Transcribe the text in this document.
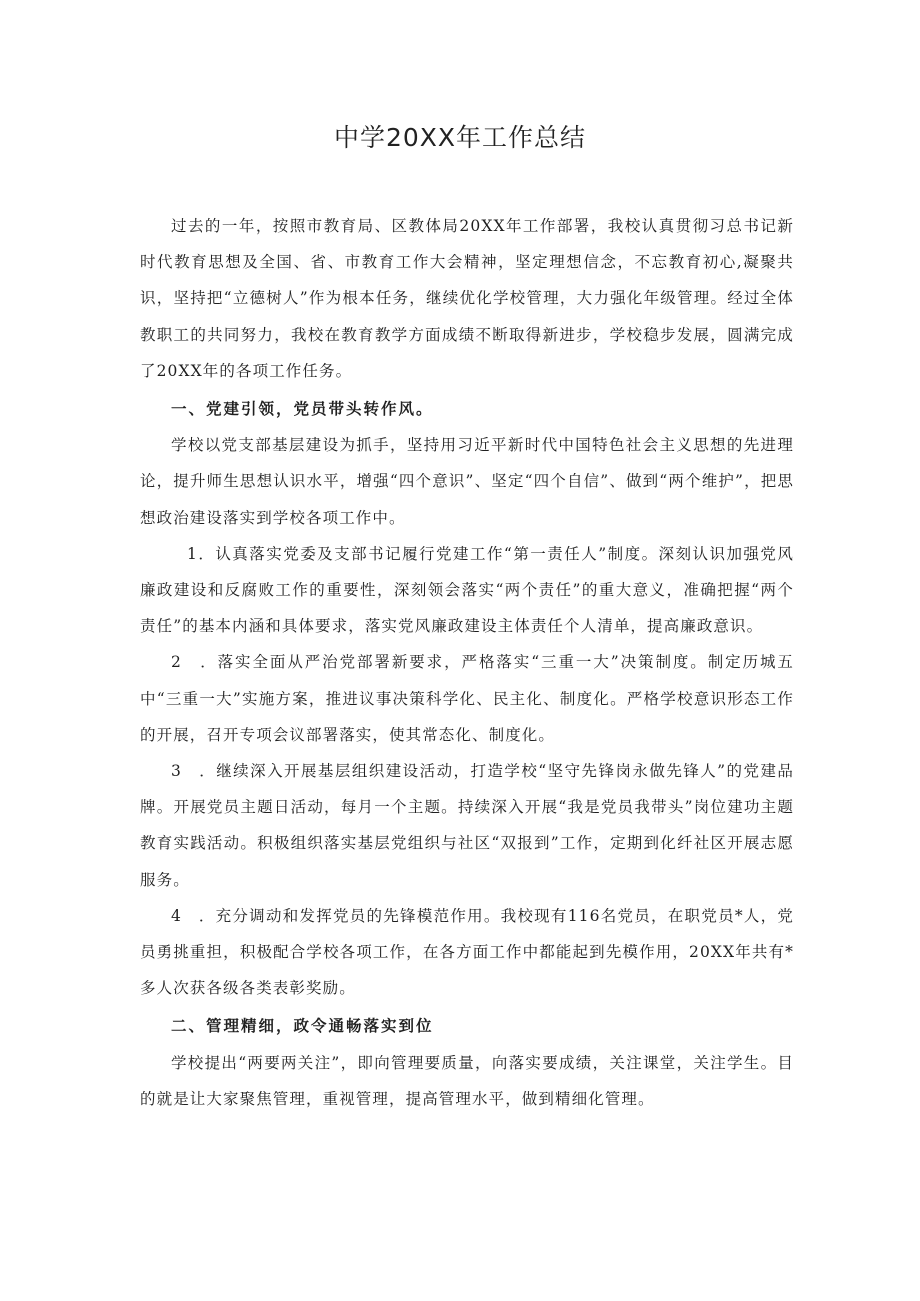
中学20XX年工作总结

过去的一年，按照市教育局、区教体局20XX年工作部署，我校认真贯彻习总书记新时代教育思想及全国、省、市教育工作大会精神，坚定理想信念，不忘教育初心,凝聚共识，坚持把“立德树人”作为根本任务，继续优化学校管理，大力强化年级管理。经过全体教职工的共同努力，我校在教育教学方面成绩不断取得新进步，学校稳步发展，圆满完成了20XX年的各项工作任务。

一、党建引领，党员带头转作风。

学校以党支部基层建设为抓手，坚持用习近平新时代中国特色社会主义思想的先进理论，提升师生思想认识水平，增强“四个意识”、坚定“四个自信”、做到“两个维护”，把思想政治建设落实到学校各项工作中。

1．认真落实党委及支部书记履行党建工作“第一责任人”制度。深刻认识加强党风廉政建设和反腐败工作的重要性，深刻领会落实“两个责任”的重大意义，准确把握“两个责任”的基本内涵和具体要求，落实党风廉政建设主体责任个人清单，提高廉政意识。

2　．落实全面从严治党部署新要求，严格落实“三重一大”决策制度。制定历城五中“三重一大”实施方案，推进议事决策科学化、民主化、制度化。严格学校意识形态工作的开展，召开专项会议部署落实，使其常态化、制度化。

3　．继续深入开展基层组织建设活动，打造学校“坚守先锋岗永做先锋人”的党建品牌。开展党员主题日活动，每月一个主题。持续深入开展“我是党员我带头”岗位建功主题教育实践活动。积极组织落实基层党组织与社区“双报到”工作，定期到化纤社区开展志愿服务。

4　．充分调动和发挥党员的先锋模范作用。我校现有116名党员，在职党员*人，党员勇挑重担，积极配合学校各项工作，在各方面工作中都能起到先模作用，20XX年共有*多人次获各级各类表彰奖励。

二、管理精细，政令通畅落实到位

学校提出“两要两关注”，即向管理要质量，向落实要成绩，关注课堂，关注学生。目的就是让大家聚焦管理，重视管理，提高管理水平，做到精细化管理。
